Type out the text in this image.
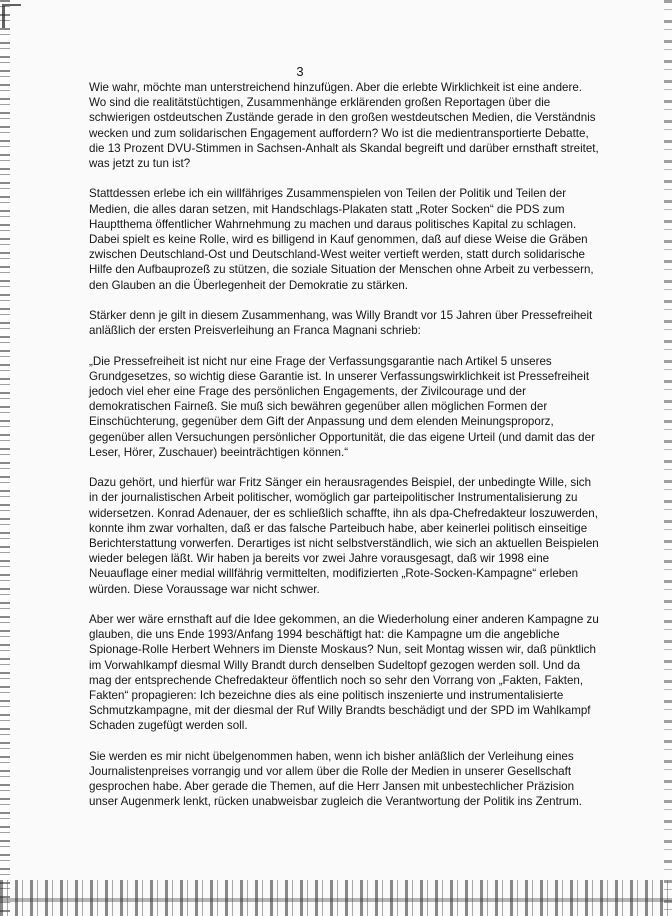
3

Wie wahr, möchte man unterstreichend hinzufügen. Aber die erlebte Wirklichkeit ist eine andere. Wo sind die realitätstüchtigen, Zusammenhänge erklärenden großen Reportagen über die schwierigen ostdeutschen Zustände gerade in den großen westdeutschen Medien, die Verständnis wecken und zum solidarischen Engagement auffordern? Wo ist die medientransportierte Debatte, die 13 Prozent DVU-Stimmen in Sachsen-Anhalt als Skandal begreift und darüber ernsthaft streitet, was jetzt zu tun ist?

Stattdessen erlebe ich ein willfähriges Zusammenspielen von Teilen der Politik und Teilen der Medien, die alles daran setzen, mit Handschlags-Plakaten statt „Roter Socken“ die PDS zum Hauptthema öffentlicher Wahrnehmung zu machen und daraus politisches Kapital zu schlagen. Dabei spielt es keine Rolle, wird es billigend in Kauf genommen, daß auf diese Weise die Gräben zwischen Deutschland-Ost und Deutschland-West weiter vertieft werden, statt durch solidarische Hilfe den Aufbauprozeß zu stützen, die soziale Situation der Menschen ohne Arbeit zu verbessern, den Glauben an die Überlegenheit der Demokratie zu stärken.

Stärker denn je gilt in diesem Zusammenhang, was Willy Brandt vor 15 Jahren über Pressefreiheit anläßlich der ersten Preisverleihung an Franca Magnani schrieb:

„Die Pressefreiheit ist nicht nur eine Frage der Verfassungsgarantie nach Artikel 5 unseres Grundgesetzes, so wichtig diese Garantie ist. In unserer Verfassungswirklichkeit ist Pressefreiheit jedoch viel eher eine Frage des persönlichen Engagements, der Zivilcourage und der demokratischen Fairneß. Sie muß sich bewähren gegenüber allen möglichen Formen der Einschüchterung, gegenüber dem Gift der Anpassung und dem elenden Meinungsproporz, gegenüber allen Versuchungen persönlicher Opportunität, die das eigene Urteil (und damit das der Leser, Hörer, Zuschauer) beeinträchtigen können.“

Dazu gehört, und hierfür war Fritz Sänger ein herausragendes Beispiel, der unbedingte Wille, sich in der journalistischen Arbeit politischer, womöglich gar parteipolitischer Instrumentalisierung zu widersetzen. Konrad Adenauer, der es schließlich schaffte, ihn als dpa-Chefredakteur loszuwerden, konnte ihm zwar vorhalten, daß er das falsche Parteibuch habe, aber keinerlei politisch einseitige Berichterstattung vorwerfen. Derartiges ist nicht selbstverständlich, wie sich an aktuellen Beispielen wieder belegen läßt. Wir haben ja bereits vor zwei Jahre vorausgesagt, daß wir 1998 eine Neuauflage einer medial willfährig vermittelten, modifizierten „Rote-Socken-Kampagne“ erleben würden. Diese Voraussage war nicht schwer.

Aber wer wäre ernsthaft auf die Idee gekommen, an die Wiederholung einer anderen Kampagne zu glauben, die uns Ende 1993/Anfang 1994 beschäftigt hat: die Kampagne um die angebliche Spionage-Rolle Herbert Wehners im Dienste Moskaus? Nun, seit Montag wissen wir, daß pünktlich im Vorwahlkampf diesmal Willy Brandt durch denselben Sudeltopf gezogen werden soll. Und da mag der entsprechende Chefredakteur öffentlich noch so sehr den Vorrang von „Fakten, Fakten, Fakten“ propagieren: Ich bezeichne dies als eine politisch inszenierte und instrumentalisierte Schmutzkampagne, mit der diesmal der Ruf Willy Brandts beschädigt und der SPD im Wahlkampf Schaden zugefügt werden soll.

Sie werden es mir nicht übelgenommen haben, wenn ich bisher anläßlich der Verleihung eines Journalistenpreises vorrangig und vor allem über die Rolle der Medien in unserer Gesellschaft gesprochen habe. Aber gerade die Themen, auf die Herr Jansen mit unbestechlicher Präzision unser Augenmerk lenkt, rücken unabweisbar zugleich die Verantwortung der Politik ins Zentrum.
